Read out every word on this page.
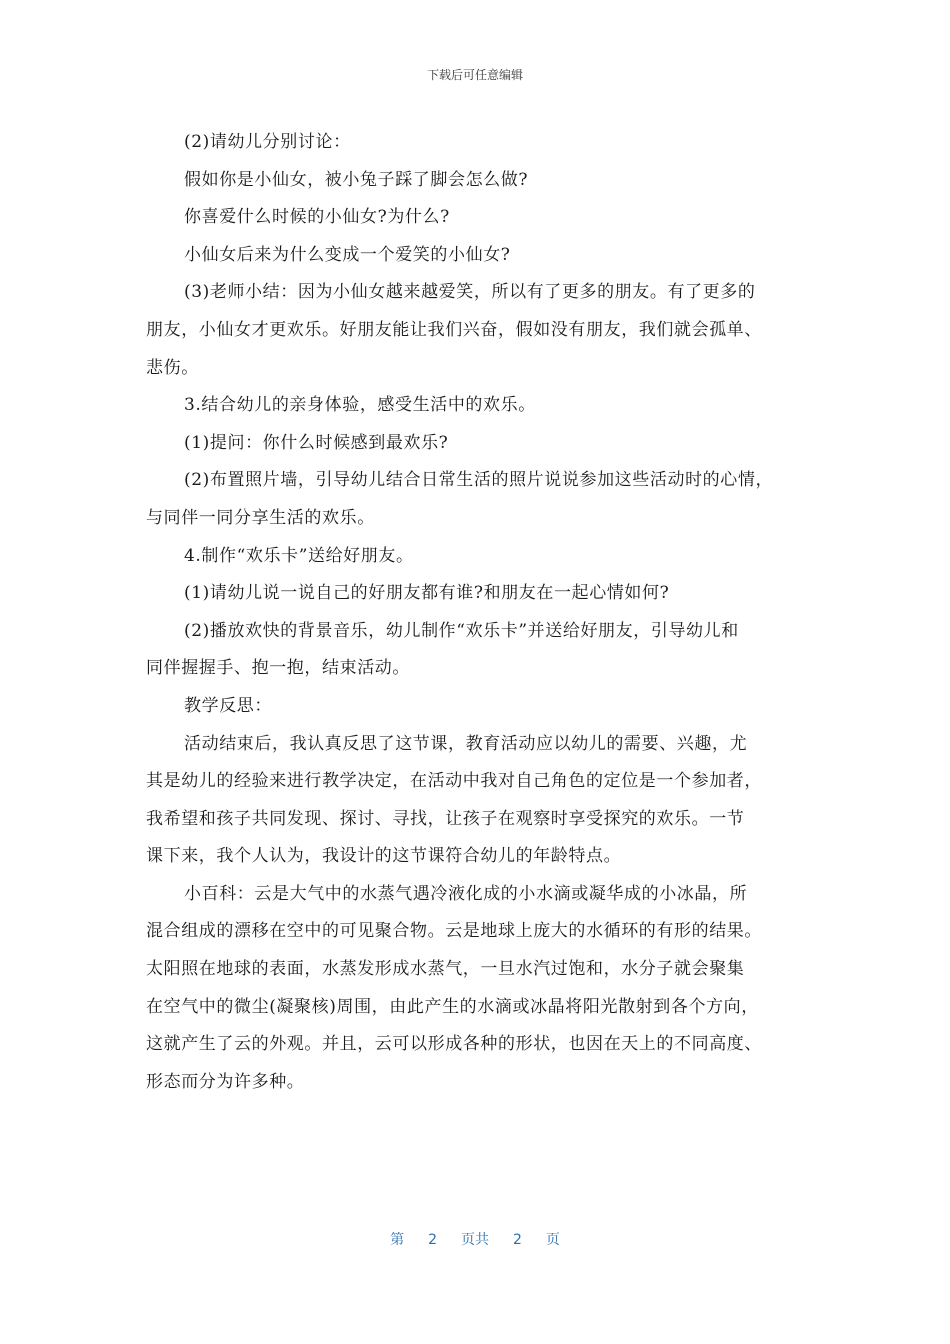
下载后可任意编辑
(2)请幼儿分别讨论：
假如你是小仙女，被小兔子踩了脚会怎么做?
你喜爱什么时候的小仙女?为什么?
小仙女后来为什么变成一个爱笑的小仙女?
(3)老师小结：因为小仙女越来越爱笑，所以有了更多的朋友。有了更多的
朋友，小仙女才更欢乐。好朋友能让我们兴奋，假如没有朋友，我们就会孤单、
悲伤。
3.结合幼儿的亲身体验，感受生活中的欢乐。
(1)提问：你什么时候感到最欢乐?
(2)布置照片墙，引导幼儿结合日常生活的照片说说参加这些活动时的心情，
与同伴一同分享生活的欢乐。
4.制作“欢乐卡”送给好朋友。
(1)请幼儿说一说自己的好朋友都有谁?和朋友在一起心情如何?
(2)播放欢快的背景音乐，幼儿制作“欢乐卡”并送给好朋友，引导幼儿和
同伴握握手、抱一抱，结束活动。
教学反思：
活动结束后，我认真反思了这节课，教育活动应以幼儿的需要、兴趣，尤
其是幼儿的经验来进行教学决定，在活动中我对自己角色的定位是一个参加者，
我希望和孩子共同发现、探讨、寻找，让孩子在观察时享受探究的欢乐。一节
课下来，我个人认为，我设计的这节课符合幼儿的年龄特点。
小百科：云是大气中的水蒸气遇冷液化成的小水滴或凝华成的小冰晶，所
混合组成的漂移在空中的可见聚合物。云是地球上庞大的水循环的有形的结果。
太阳照在地球的表面，水蒸发形成水蒸气，一旦水汽过饱和，水分子就会聚集
在空气中的微尘(凝聚核)周围，由此产生的水滴或冰晶将阳光散射到各个方向，
这就产生了云的外观。并且，云可以形成各种的形状，也因在天上的不同高度、
形态而分为许多种。
第 2 页共 2 页
